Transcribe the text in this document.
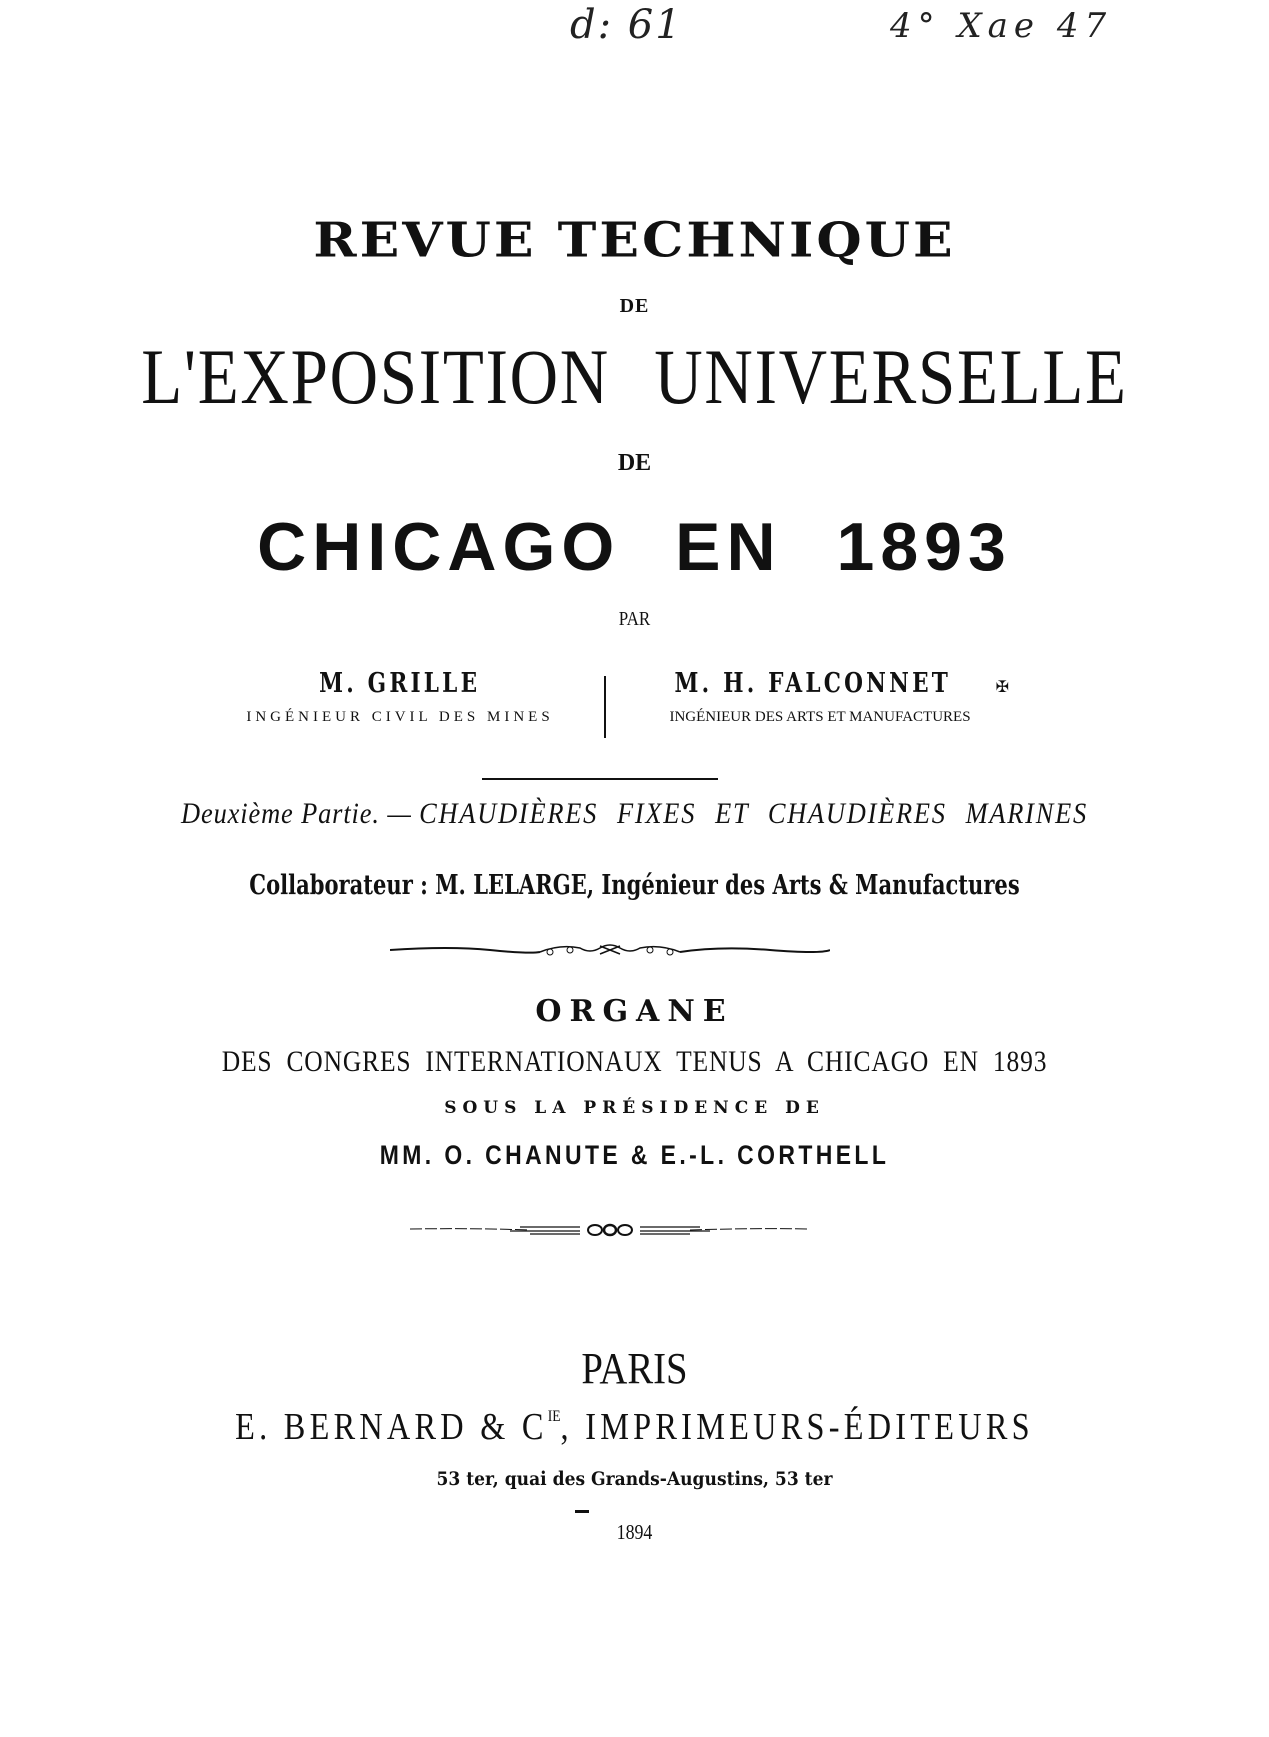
d: 61	4° Xae 47
REVUE TECHNIQUE
DE
L'EXPOSITION UNIVERSELLE
DE
CHICAGO EN 1893
PAR
M. GRILLE
INGÉNIEUR CIVIL DES MINES
M. H. FALCONNET	✠
INGÉNIEUR DES ARTS ET MANUFACTURES
Deuxième Partie. — CHAUDIÈRES FIXES ET CHAUDIÈRES MARINES
Collaborateur : M. LELARGE, Ingénieur des Arts & Manufactures
ORGANE
DES CONGRES INTERNATIONAUX TENUS A CHICAGO EN 1893
SOUS LA PRÉSIDENCE DE
MM. O. CHANUTE & E.-L. CORTHELL
PARIS
E. BERNARD & $C^{IE}$, IMPRIMEURS-ÉDITEURS
53 ter, quai des Grands-Augustins, 53 ter
1894
